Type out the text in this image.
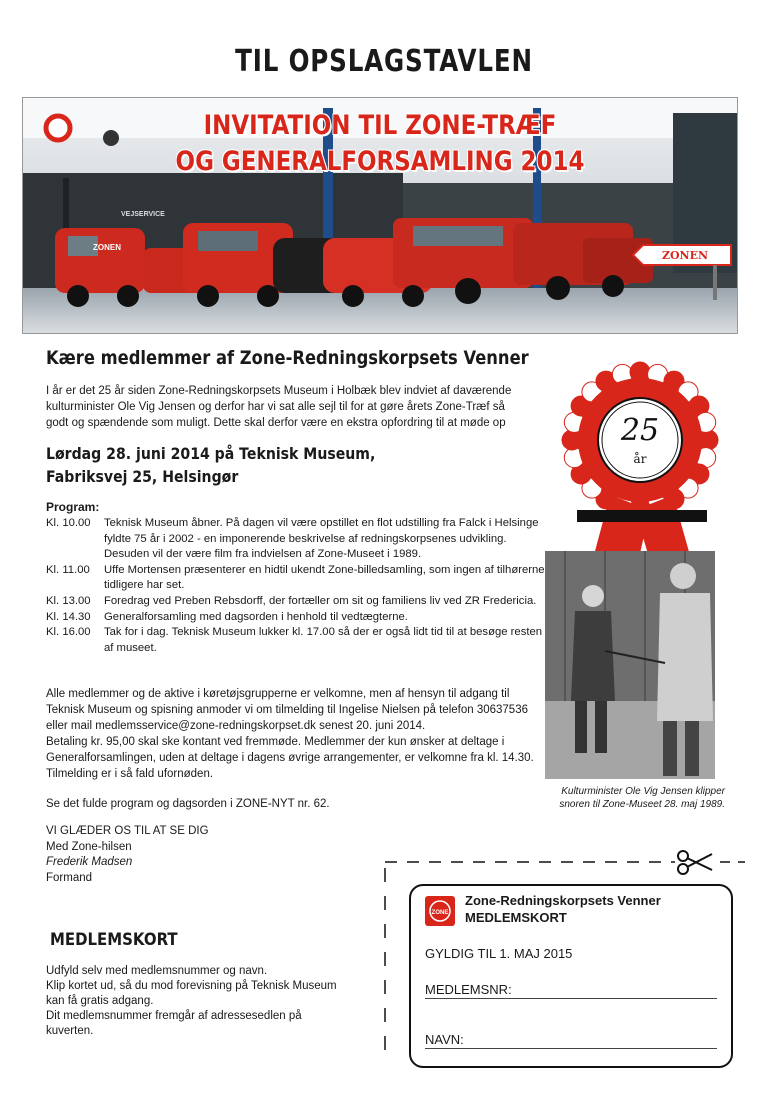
TIL OPSLAGSTAVLEN
ZONEN
ZONEN
VEJSERVICE
INVITATION TIL ZONE-TRÆF
OG GENERALFORSAMLING 2014
Kære medlemmer af Zone-Redningskorpsets Venner
I år er det 25 år siden Zone-Redningskorpsets Museum i Holbæk blev indviet af daværende kulturminister Ole Vig Jensen og derfor har vi sat alle sejl til for at gøre årets Zone-Træf så godt og spændende som muligt. Dette skal derfor være en ekstra opfordring til at møde op
Lørdag 28. juni 2014 på Teknisk Museum,
Fabriksvej 25, Helsingør
25
år
Program:
Kl. 10.00	Teknisk Museum åbner. På dagen vil være opstillet en flot udstilling fra Falck i Helsinge fyldte 75 år i 2002 - en imponerende beskrivelse af redningskorpsenes udvikling. Desuden vil der være film fra indvielsen af Zone-Museet i 1989.
Kl. 11.00	Uffe Mortensen præsenterer en hidtil ukendt Zone-billedsamling, som ingen af tilhørerne tidligere har set.
Kl. 13.00	Foredrag ved Preben Rebsdorff, der fortæller om sit og familiens liv ved ZR Fredericia.
Kl. 14.30	Generalforsamling med dagsorden i henhold til vedtægterne.
Kl. 16.00	Tak for i dag. Teknisk Museum lukker kl. 17.00 så der er også lidt tid til at besøge resten af museet.
Kulturminister Ole Vig Jensen klipper snoren til Zone-Museet 28. maj 1989.
Alle medlemmer og de aktive i køretøjsgrupperne er velkomne, men af hensyn til adgang til Teknisk Museum og spisning anmoder vi om tilmelding til Ingelise Nielsen på telefon 30637536 eller mail medlemsservice@zone-redningskorpset.dk senest 20. juni 2014.
Betaling kr. 95,00 skal ske kontant ved fremmøde. Medlemmer der kun ønsker at deltage i Generalforsamlingen, uden at deltage i dagens øvrige arrangementer, er velkomne fra kl. 14.30. Tilmelding er i så fald ufornøden.
Se det fulde program og dagsorden i ZONE-NYT nr. 62.
VI GLÆDER OS TIL AT SE DIG
Med Zone-hilsen
Frederik Madsen
Formand
MEDLEMSKORT
Udfyld selv med medlemsnummer og navn.
Klip kortet ud, så du mod forevisning på Teknisk Museum kan få gratis adgang.
Dit medlemsnummer fremgår af adressesedlen på kuverten.
ZONE
Zone-Redningskorpsets Venner
MEDLEMSKORT
GYLDIG TIL 1. MAJ 2015
MEDLEMSNR:
NAVN:
